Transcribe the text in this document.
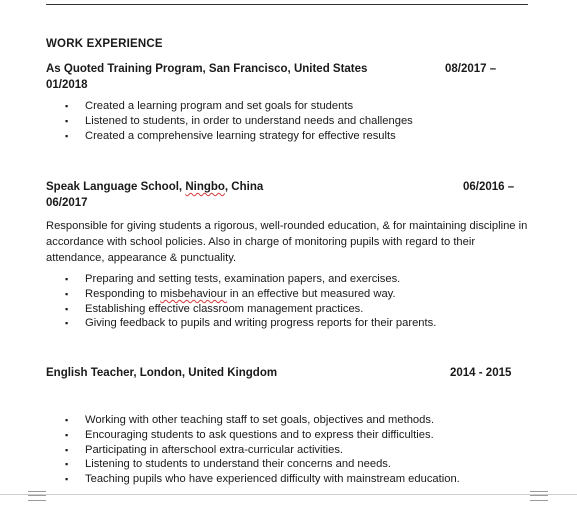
WORK EXPERIENCE
As Quoted Training Program, San Francisco, United States	08/2017 –
01/2018
▪ Created a learning program and set goals for students
▪ Listened to students, in order to understand needs and challenges
▪ Created a comprehensive learning strategy for effective results
Speak Language School, Ningbo, China	06/2016 –
06/2017
Responsible for giving students a rigorous, well-rounded education, & for maintaining discipline in accordance with school policies. Also in charge of monitoring pupils with regard to their attendance, appearance & punctuality.
▪ Preparing and setting tests, examination papers, and exercises.
▪ Responding to misbehaviour in an effective but measured way.
▪ Establishing effective classroom management practices.
▪ Giving feedback to pupils and writing progress reports for their parents.
English Teacher, London, United Kingdom	2014 - 2015
▪ Working with other teaching staff to set goals, objectives and methods.
▪ Encouraging students to ask questions and to express their difficulties.
▪ Participating in afterschool extra-curricular activities.
▪ Listening to students to understand their concerns and needs.
▪ Teaching pupils who have experienced difficulty with mainstream education.
